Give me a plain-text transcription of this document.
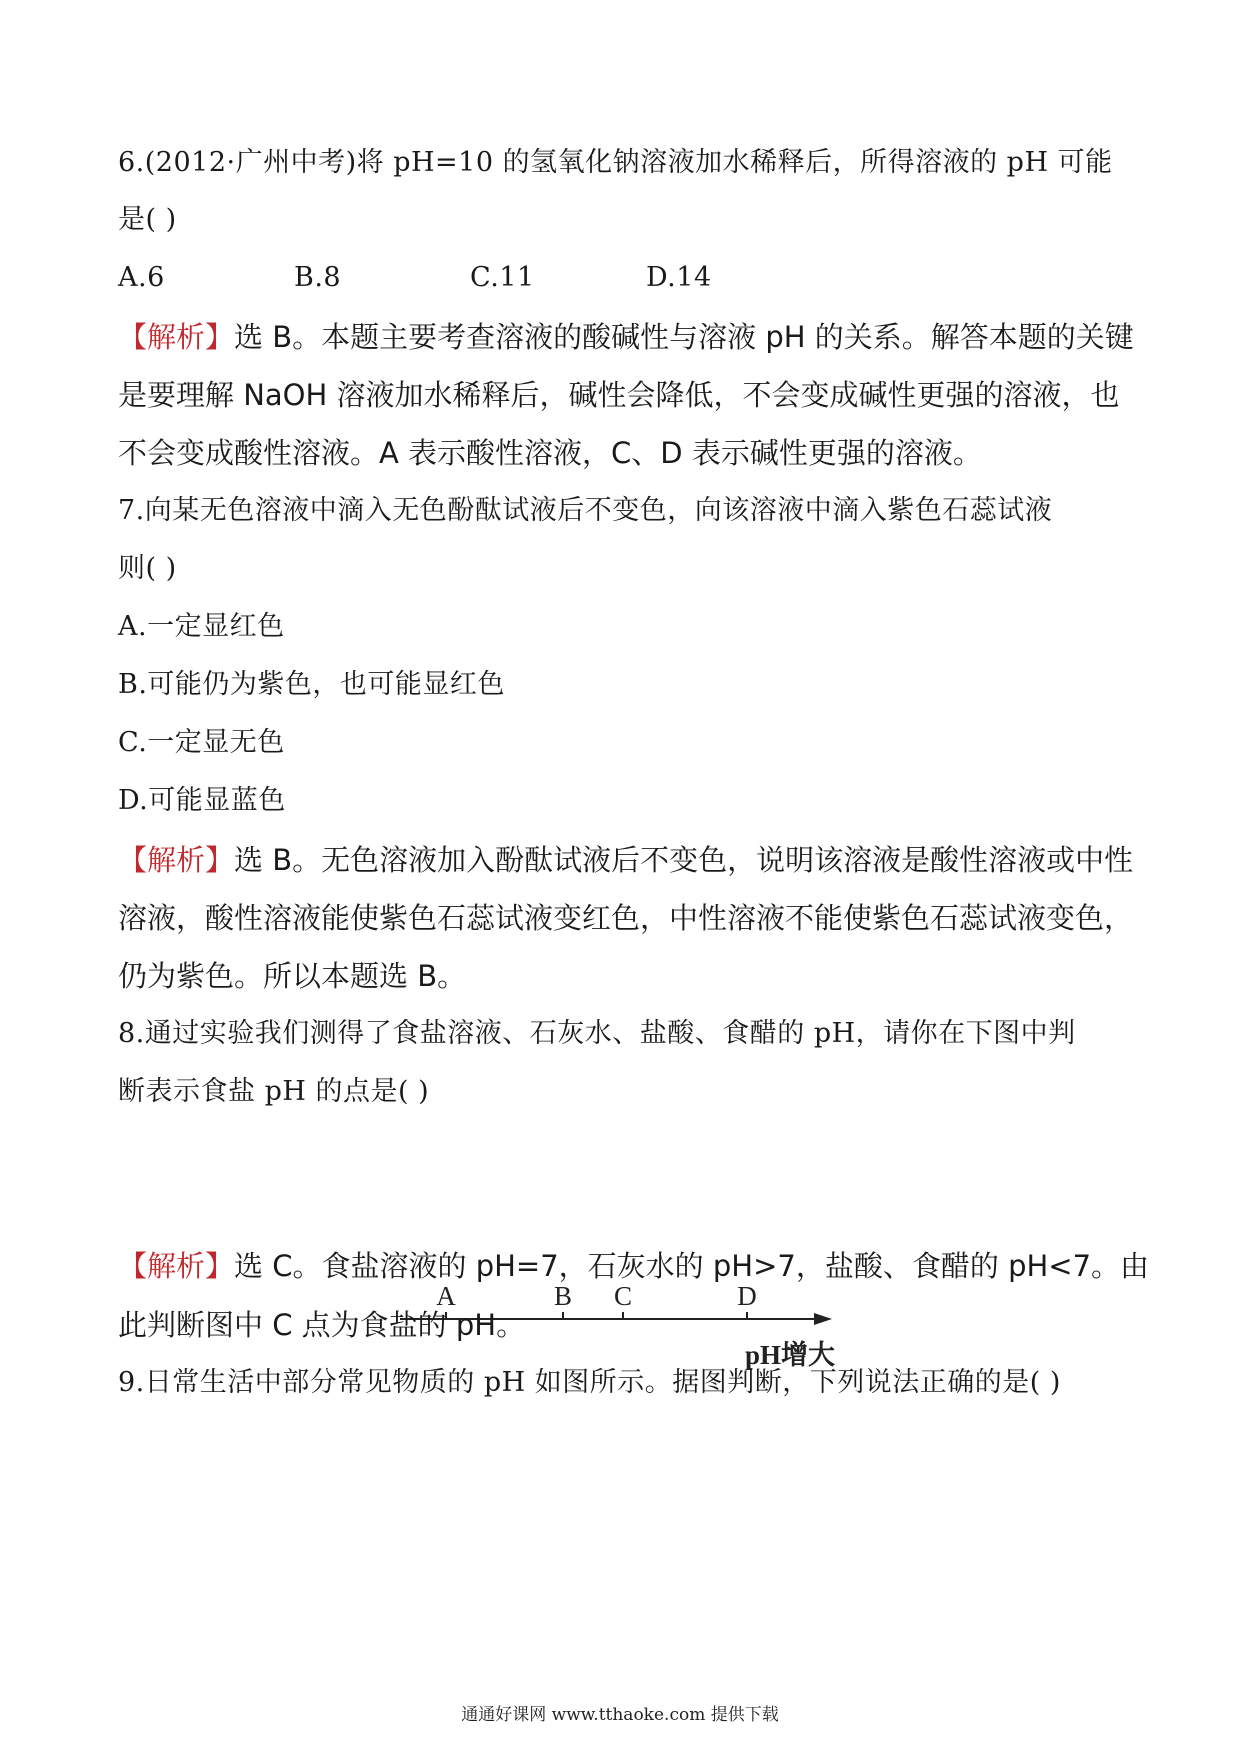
6.(2012·广州中考)将 pH=10 的氢氧化钠溶液加水稀释后，所得溶液的 pH 可能
是( )
A.6	B.8	C.11	D.14
【解析】选 B。本题主要考查溶液的酸碱性与溶液 pH 的关系。解答本题的关键
是要理解 NaOH 溶液加水稀释后，碱性会降低，不会变成碱性更强的溶液，也
不会变成酸性溶液。A 表示酸性溶液，C、D 表示碱性更强的溶液。
7.向某无色溶液中滴入无色酚酞试液后不变色，向该溶液中滴入紫色石蕊试液
则( )
A.一定显红色
B.可能仍为紫色，也可能显红色
C.一定显无色
D.可能显蓝色
【解析】选 B。无色溶液加入酚酞试液后不变色，说明该溶液是酸性溶液或中性
溶液，酸性溶液能使紫色石蕊试液变红色，中性溶液不能使紫色石蕊试液变色，
仍为紫色。所以本题选 B。
8.通过实验我们测得了食盐溶液、石灰水、盐酸、食醋的 pH，请你在下图中判
断表示食盐 pH 的点是( )
A	B C	D
pH增大
【解析】选 C。食盐溶液的 pH=7，石灰水的 pH>7，盐酸、食醋的 pH<7。由
此判断图中 C 点为食盐的 pH。
9.日常生活中部分常见物质的 pH 如图所示。据图判断，下列说法正确的是( )
通通好课网 www.tthaoke.com 提供下载
